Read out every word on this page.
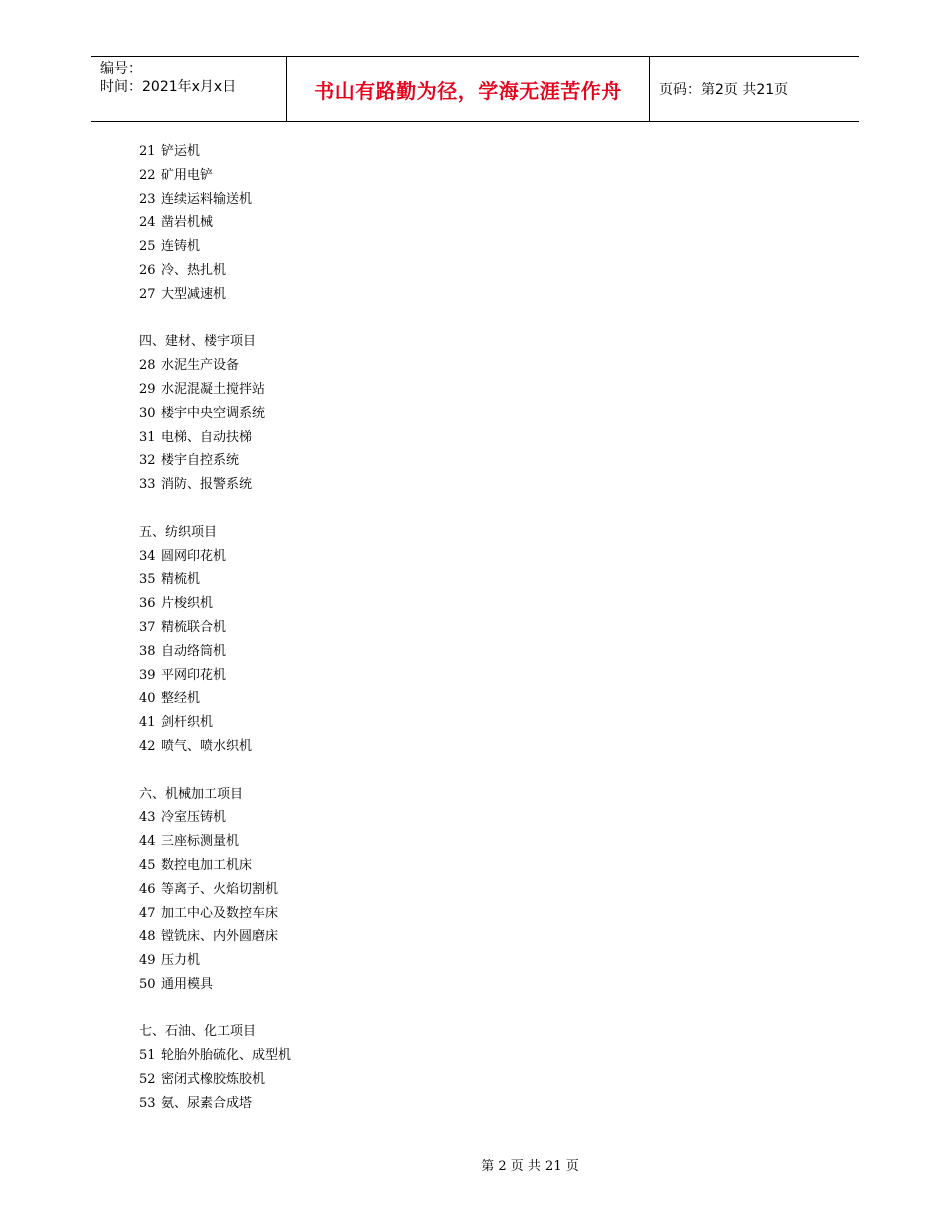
编号：
时间：2021年x月x日	书山有路勤为径，学海无涯苦作舟	页码：第2页 共21页
21 铲运机
22 矿用电铲
23 连续运料输送机
24 凿岩机械
25 连铸机
26 冷、热扎机
27 大型减速机
四、建材、楼宇项目
28 水泥生产设备
29 水泥混凝土搅拌站
30 楼宇中央空调系统
31 电梯、自动扶梯
32 楼宇自控系统
33 消防、报警系统
五、纺织项目
34 圆网印花机
35 精梳机
36 片梭织机
37 精梳联合机
38 自动络筒机
39 平网印花机
40 整经机
41 剑杆织机
42 喷气、喷水织机
六、机械加工项目
43 冷室压铸机
44 三座标测量机
45 数控电加工机床
46 等离子、火焰切割机
47 加工中心及数控车床
48 镗铣床、内外圆磨床
49 压力机
50 通用模具
七、石油、化工项目
51 轮胎外胎硫化、成型机
52 密闭式橡胶炼胶机
53 氨、尿素合成塔
第 2 页 共 21 页
